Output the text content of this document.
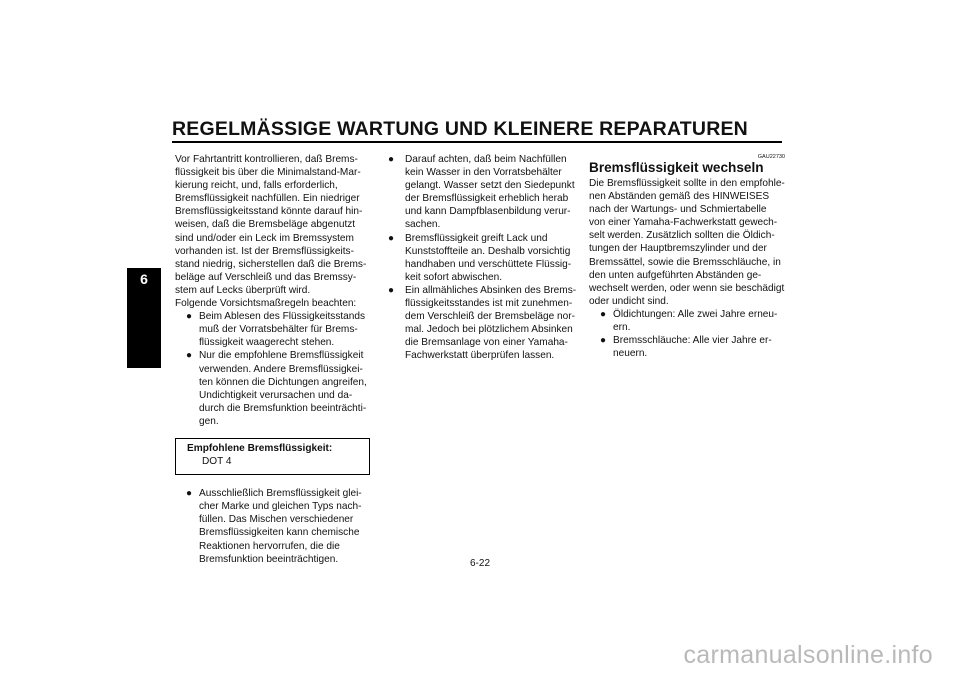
REGELMÄSSIGE WARTUNG UND KLEINERE REPARATUREN
6

Vor Fahrtantritt kontrollieren, daß Brems-
flüssigkeit bis über die Minimalstand-Mar-
kierung reicht, und, falls erforderlich,
Bremsflüssigkeit nachfüllen. Ein niedriger
Bremsflüssigkeitsstand könnte darauf hin-
weisen, daß die Bremsbeläge abgenutzt
sind und/oder ein Leck im Bremssystem
vorhanden ist. Ist der Bremsflüssigkeits-
stand niedrig, sicherstellen daß die Brems-
beläge auf Verschleiß und das Bremssy-
stem auf Lecks überprüft wird.
Folgende Vorsichtsmaßregeln beachten:

● Beim Ablesen des Flüssigkeitsstands
muß der Vorratsbehälter für Brems-
flüssigkeit waagerecht stehen.
● Nur die empfohlene Bremsflüssigkeit
verwenden. Andere Bremsflüssigkei-
ten können die Dichtungen angreifen,
Undichtigkeit verursachen und da-
durch die Bremsfunktion beeinträchti-
gen.
Empfohlene Bremsflüssigkeit:
DOT 4
● Ausschließlich Bremsflüssigkeit glei-
cher Marke und gleichen Typs nach-
füllen. Das Mischen verschiedener
Bremsflüssigkeiten kann chemische
Reaktionen hervorrufen, die die
Bremsfunktion beeinträchtigen.
● Darauf achten, daß beim Nachfüllen
kein Wasser in den Vorratsbehälter
gelangt. Wasser setzt den Siedepunkt
der Bremsflüssigkeit erheblich herab
und kann Dampfblasenbildung verur-
sachen.
● Bremsflüssigkeit greift Lack und
Kunststoffteile an. Deshalb vorsichtig
handhaben und verschüttete Flüssig-
keit sofort abwischen.
● Ein allmähliches Absinken des Brems-
flüssigkeitsstandes ist mit zunehmen-
dem Verschleiß der Bremsbeläge nor-
mal. Jedoch bei plötzlichem Absinken
die Bremsanlage von einer Yamaha-
Fachwerkstatt überprüfen lassen.
GAU22730
Bremsflüssigkeit wechseln

Die Bremsflüssigkeit sollte in den empfohle-
nen Abständen gemäß des HINWEISES
nach der Wartungs- und Schmiertabelle
von einer Yamaha-Fachwerkstatt gewech-
selt werden. Zusätzlich sollten die Öldich-
tungen der Hauptbremszylinder und der
Bremssättel, sowie die Bremsschläuche, in
den unten aufgeführten Abständen ge-
wechselt werden, oder wenn sie beschädigt
oder undicht sind.

● Öldichtungen: Alle zwei Jahre erneu-
ern.
● Bremsschläuche: Alle vier Jahre er-
neuern.
6-22
carmanualsonline.info
